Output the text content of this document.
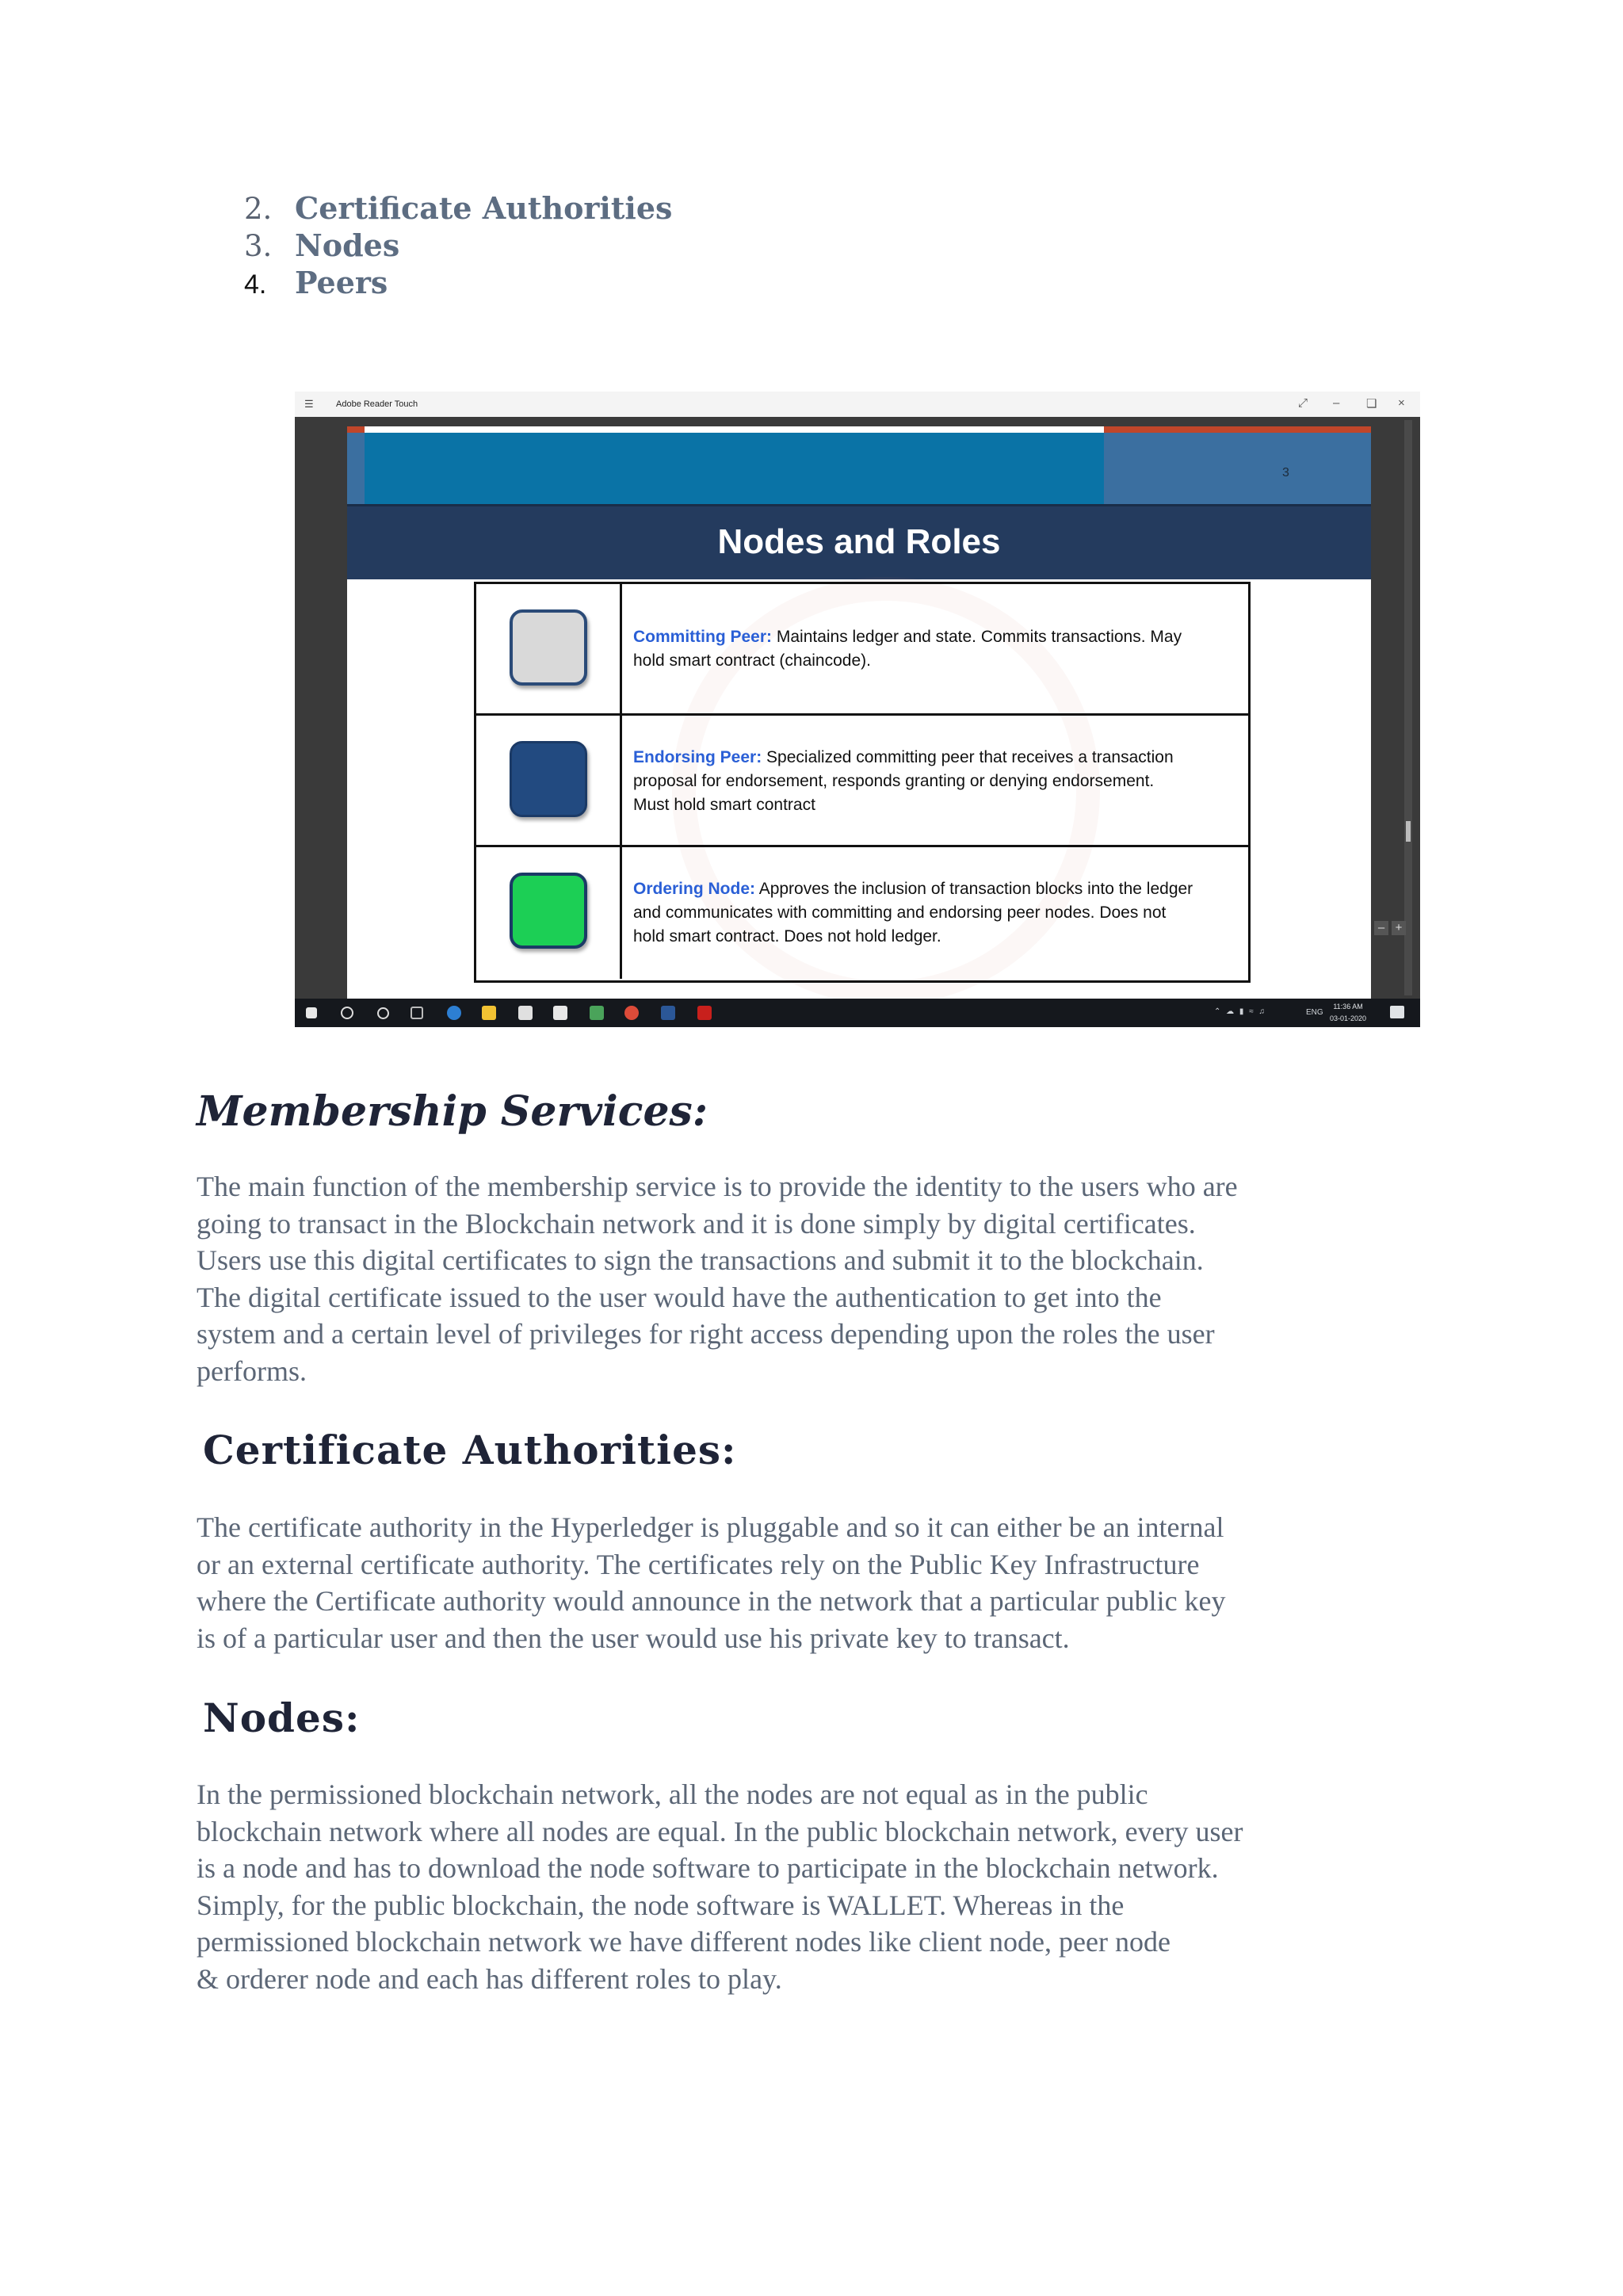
2. Certificate Authorities
3. Nodes
4. Peers
☰	Adobe Reader Touch	⤢ – ❏ ×
3
Nodes and Roles
Committing Peer: Maintains ledger and state. Commits transactions. May
hold smart contract (chaincode).
Endorsing Peer: Specialized committing peer that receives a transaction
proposal for endorsement, responds granting or denying endorsement.
Must hold smart contract
Ordering Node: Approves the inclusion of transaction blocks into the ledger
and communicates with committing and endorsing peer nodes. Does not
hold smart contract. Does not hold ledger.	– +
⌃ ☁ ▮ ≈ ♫	ENG
11:36 AM
03-01-2020
Membership Services:
The main function of the membership service is to provide the identity to the users who are
going to transact in the Blockchain network and it is done simply by digital certificates.
Users use this digital certificates to sign the transactions and submit it to the blockchain.
The digital certificate issued to the user would have the authentication to get into the
system and a certain level of privileges for right access depending upon the roles the user
performs.
Certificate Authorities:
The certificate authority in the Hyperledger is pluggable and so it can either be an internal
or an external certificate authority. The certificates rely on the Public Key Infrastructure
where the Certificate authority would announce in the network that a particular public key
is of a particular user and then the user would use his private key to transact.
Nodes:
In the permissioned blockchain network, all the nodes are not equal as in the public
blockchain network where all nodes are equal. In the public blockchain network, every user
is a node and has to download the node software to participate in the blockchain network.
Simply, for the public blockchain, the node software is WALLET. Whereas in the
permissioned blockchain network we have different nodes like client node, peer node
& orderer node and each has different roles to play.
